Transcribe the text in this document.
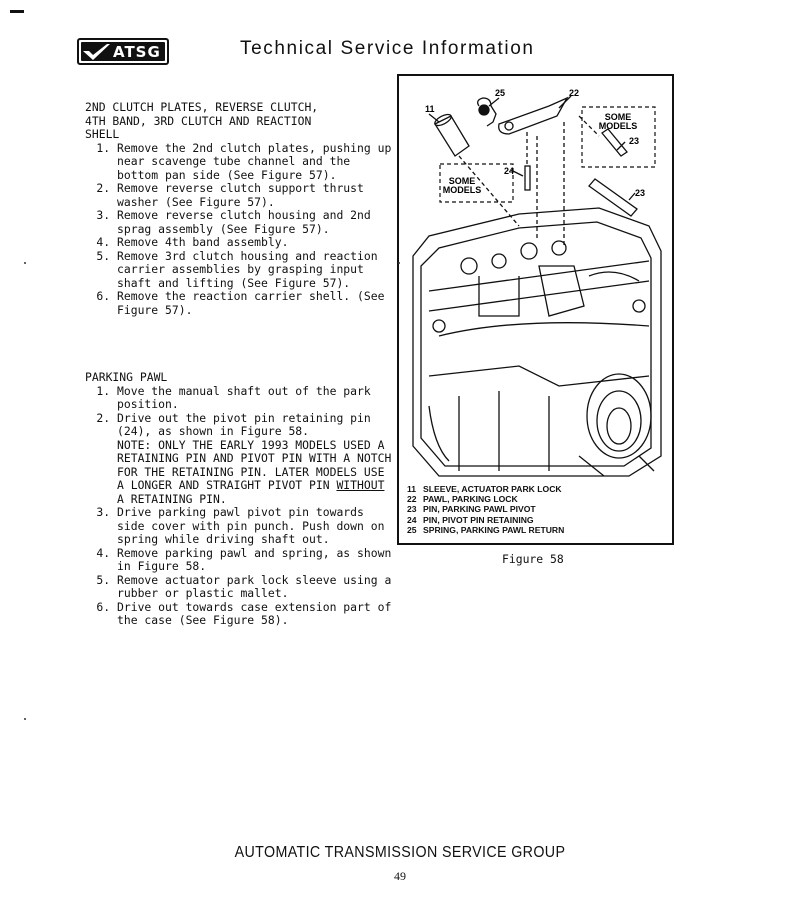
ATSG	Technical Service Information

2ND CLUTCH PLATES, REVERSE CLUTCH,

4TH BAND, 3RD CLUTCH AND REACTION

SHELL

1. Remove the 2nd clutch plates, pushing up near scavenge tube channel and the bottom pan side (See Figure 57).
2. Remove reverse clutch support thrust washer (See Figure 57).
3. Remove reverse clutch housing and 2nd sprag assembly (See Figure 57).
4. Remove 4th band assembly.
5. Remove 3rd clutch housing and reaction carrier assemblies by grasping input shaft and lifting (See Figure 57).
6. Remove the reaction carrier shell. (See Figure 57).

PARKING PAWL

1. Move the manual shaft out of the park position.
2. Drive out the pivot pin retaining pin (24), as shown in Figure 58.
NOTE: ONLY THE EARLY 1993 MODELS USED A RETAINING PIN AND PIVOT PIN WITH A NOTCH FOR THE RETAINING PIN. LATER MODELS USE A LONGER AND STRAIGHT PIVOT PIN WITHOUT A RETAINING PIN.
3. Drive parking pawl pivot pin towards side cover with pin punch. Push down on spring while driving shaft out.
4. Remove parking pawl and spring, as shown in Figure 58.
5. Remove actuator park lock sleeve using a rubber or plastic mallet.
6. Drive out towards case extension part of the case (See Figure 58).
SOME
MODELS
SOME
MODELS
25	22
11
24
23
23
11 SLEEVE, ACTUATOR PARK LOCK
22 PAWL, PARKING LOCK
23 PIN, PARKING PAWL PIVOT
24 PIN, PIVOT PIN RETAINING
25 SPRING, PARKING PAWL RETURN
Figure 58
AUTOMATIC TRANSMISSION SERVICE GROUP
49
